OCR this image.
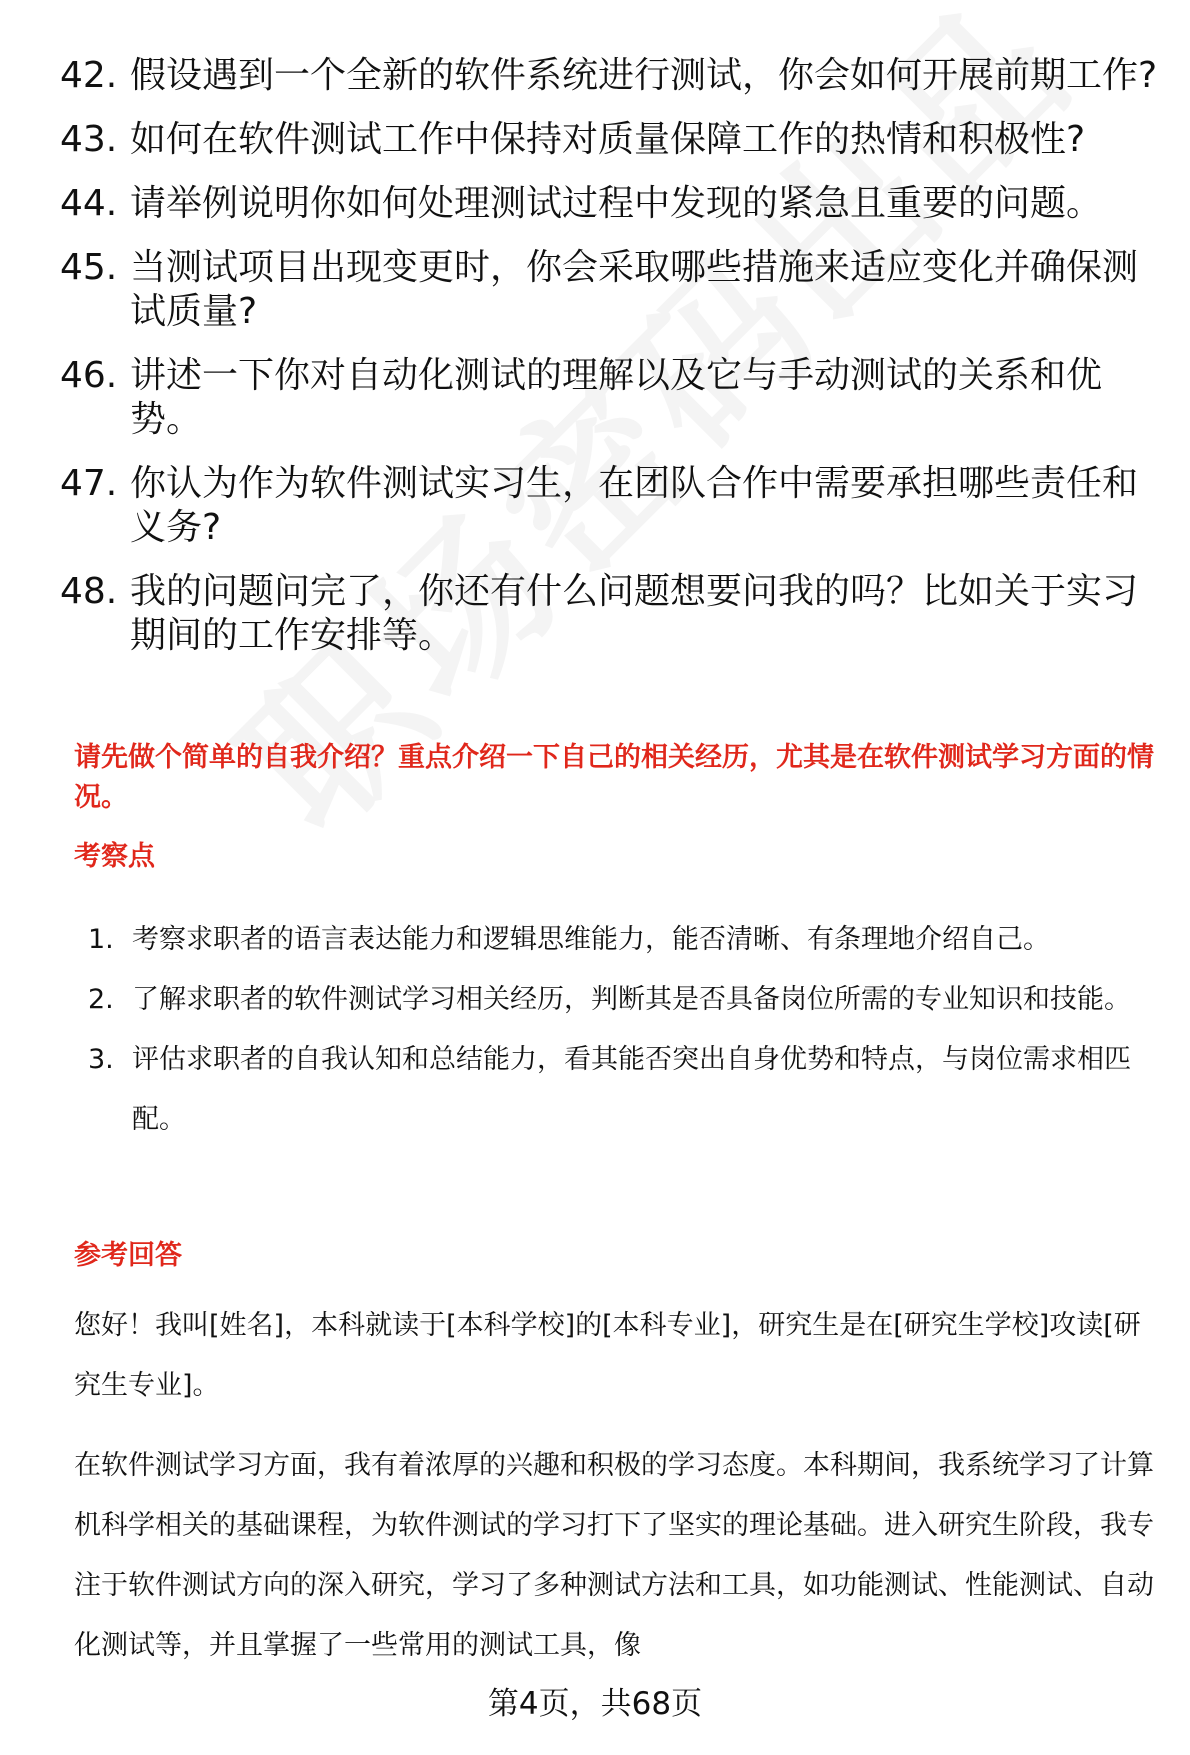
42. 假设遇到一个全新的软件系统进行测试，你会如何开展前期工作?
43. 如何在软件测试工作中保持对质量保障工作的热情和积极性?
44. 请举例说明你如何处理测试过程中发现的紧急且重要的问题。
45. 当测试项目出现变更时，你会采取哪些措施来适应变化并确保测试质量?
46. 讲述一下你对自动化测试的理解以及它与手动测试的关系和优势。
47. 你认为作为软件测试实习生，在团队合作中需要承担哪些责任和义务?
48. 我的问题问完了，你还有什么问题想要问我的吗？比如关于实习期间的工作安排等。
请先做个简单的自我介绍？重点介绍一下自己的相关经历，尤其是在软件测试学习方面的情况。
考察点
1. 考察求职者的语言表达能力和逻辑思维能力，能否清晰、有条理地介绍自己。
2. 了解求职者的软件测试学习相关经历，判断其是否具备岗位所需的专业知识和技能。
3. 评估求职者的自我认知和总结能力，看其能否突出自身优势和特点，与岗位需求相匹配。
参考回答
您好！我叫[姓名]，本科就读于[本科学校]的[本科专业]，研究生是在[研究生学校]攻读[研究生专业]。
在软件测试学习方面，我有着浓厚的兴趣和积极的学习态度。本科期间，我系统学习了计算机科学相关的基础课程，为软件测试的学习打下了坚实的理论基础。进入研究生阶段，我专注于软件测试方向的深入研究，学习了多种测试方法和工具，如功能测试、性能测试、自动化测试等，并且掌握了一些常用的测试工具，像
第4页，共68页
